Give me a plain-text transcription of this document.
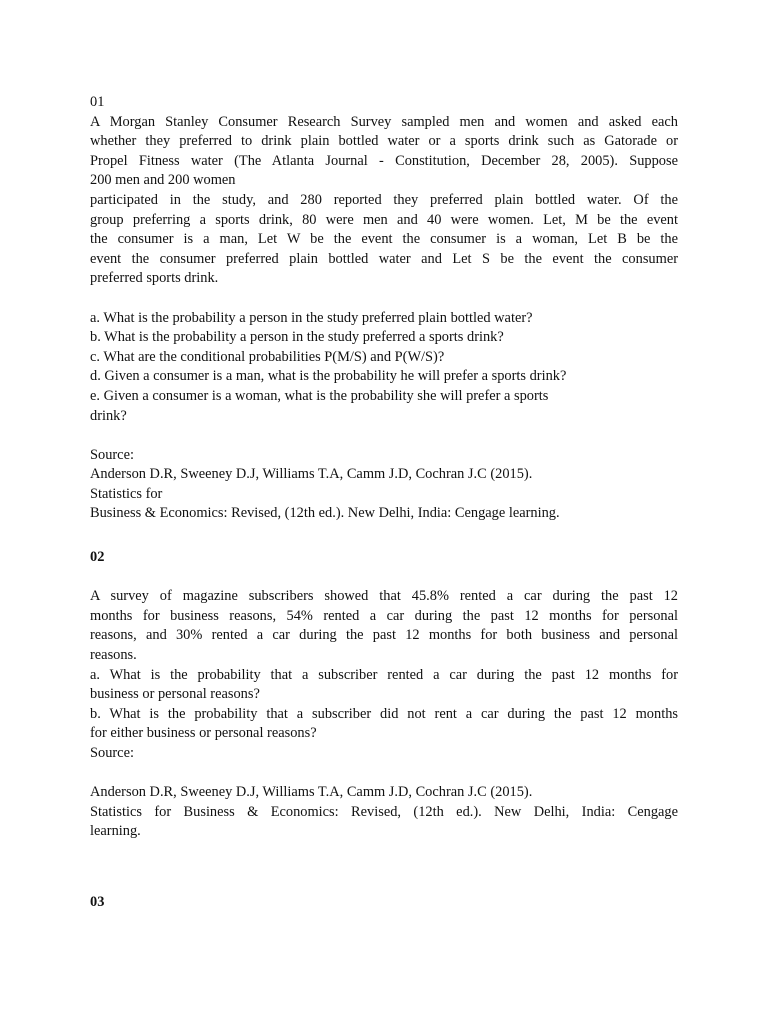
01
A Morgan Stanley Consumer Research Survey sampled men and women and asked each
whether they preferred to drink plain bottled water or a sports drink such as Gatorade or
Propel Fitness water (The Atlanta Journal - Constitution, December 28, 2005). Suppose
200 men and 200 women
participated in the study, and 280 reported they preferred plain bottled water. Of the
group preferring a sports drink, 80 were men and 40 were women. Let, M be the event
the consumer is a man, Let W be the event the consumer is a woman, Let B be the
event the consumer preferred plain bottled water and Let S be the event the consumer
preferred sports drink.
a. What is the probability a person in the study preferred plain bottled water?
b. What is the probability a person in the study preferred a sports drink?
c. What are the conditional probabilities P(M/S) and P(W/S)?
d. Given a consumer is a man, what is the probability he will prefer a sports drink?
e. Given a consumer is a woman, what is the probability she will prefer a sports
drink?
Source:
Anderson D.R, Sweeney D.J, Williams T.A, Camm J.D, Cochran J.C (2015).
Statistics for
Business & Economics: Revised, (12th ed.). New Delhi, India: Cengage learning.
02
A survey of magazine subscribers showed that 45.8% rented a car during the past 12
months for business reasons, 54% rented a car during the past 12 months for personal
reasons, and 30% rented a car during the past 12 months for both business and personal
reasons.
a. What is the probability that a subscriber rented a car during the past 12 months for
business or personal reasons?
b. What is the probability that a subscriber did not rent a car during the past 12 months
for either business or personal reasons?
Source:
Anderson D.R, Sweeney D.J, Williams T.A, Camm J.D, Cochran J.C (2015).
Statistics for Business & Economics: Revised, (12th ed.). New Delhi, India: Cengage
learning.
03
